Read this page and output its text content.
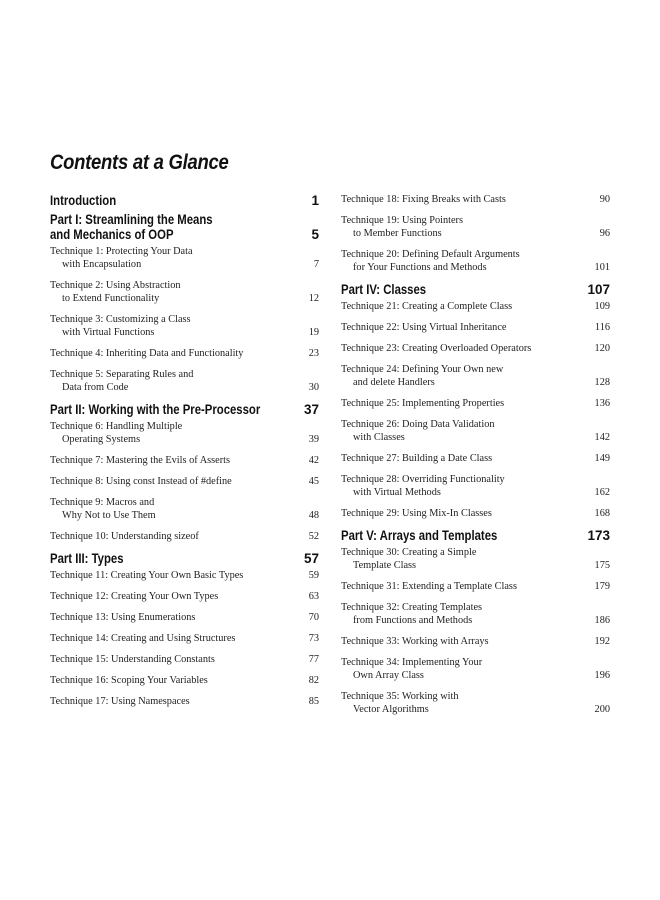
Contents at a Glance
Introduction	1
Part I: Streamlining the Means
and Mechanics of OOP	5
Technique 1: Protecting Your Data
with Encapsulation	7
Technique 2: Using Abstraction
to Extend Functionality	12
Technique 3: Customizing a Class
with Virtual Functions	19
Technique 4: Inheriting Data and Functionality	23
Technique 5: Separating Rules and
Data from Code	30
Part II: Working with the Pre-Processor	37
Technique 6: Handling Multiple
Operating Systems	39
Technique 7: Mastering the Evils of Asserts	42
Technique 8: Using const Instead of #define	45
Technique 9: Macros and
Why Not to Use Them	48
Technique 10: Understanding sizeof	52
Part III: Types	57
Technique 11: Creating Your Own Basic Types	59
Technique 12: Creating Your Own Types	63
Technique 13: Using Enumerations	70
Technique 14: Creating and Using Structures	73
Technique 15: Understanding Constants	77
Technique 16: Scoping Your Variables	82
Technique 17: Using Namespaces	85
Technique 18: Fixing Breaks with Casts	90
Technique 19: Using Pointers
to Member Functions	96
Technique 20: Defining Default Arguments
for Your Functions and Methods	101
Part IV: Classes	107
Technique 21: Creating a Complete Class	109
Technique 22: Using Virtual Inheritance	116
Technique 23: Creating Overloaded Operators	120
Technique 24: Defining Your Own new
and delete Handlers	128
Technique 25: Implementing Properties	136
Technique 26: Doing Data Validation
with Classes	142
Technique 27: Building a Date Class	149
Technique 28: Overriding Functionality
with Virtual Methods	162
Technique 29: Using Mix-In Classes	168
Part V: Arrays and Templates	173
Technique 30: Creating a Simple
Template Class	175
Technique 31: Extending a Template Class	179
Technique 32: Creating Templates
from Functions and Methods	186
Technique 33: Working with Arrays	192
Technique 34: Implementing Your
Own Array Class	196
Technique 35: Working with
Vector Algorithms	200
